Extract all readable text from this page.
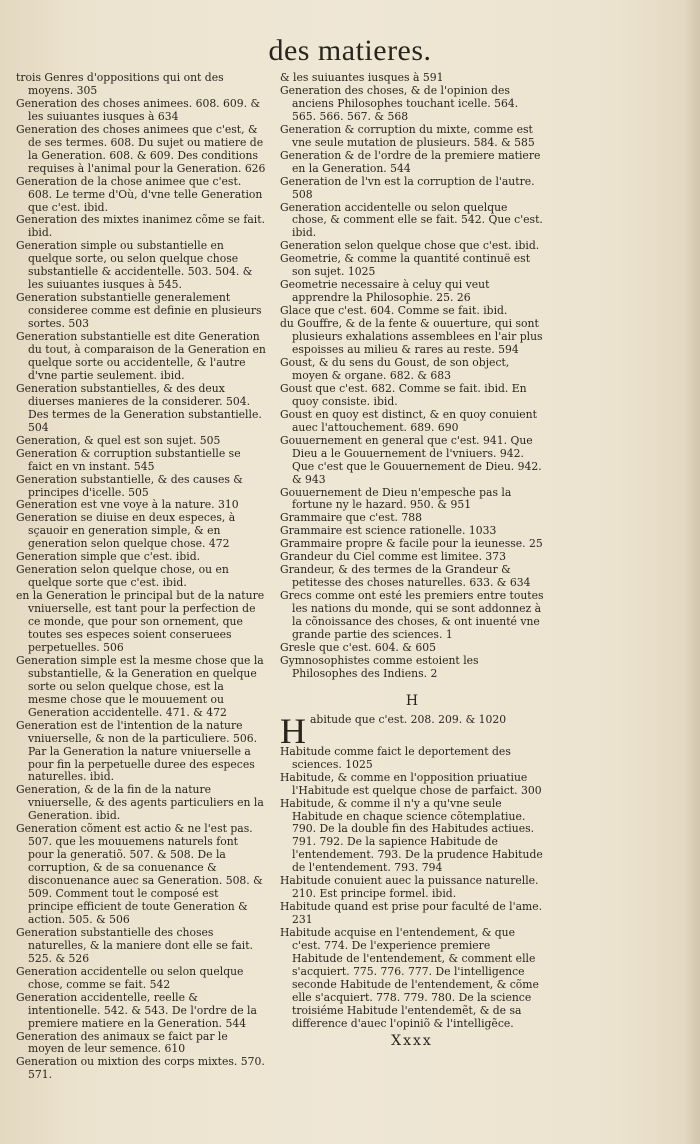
des matieres.

trois Genres d'oppositions qui ont des moyens. 305

Generation des choses animees. 608. 609. & les suiuantes iusques à 634

Generation des choses animees que c'est, & de ses termes. 608. Du sujet ou matiere de la Generation. 608. & 609. Des conditions requises à l'animal pour la Generation. 626

Generation de la chose animee que c'est. 608. Le terme d'Où, d'vne telle Generation que c'est. ibid.

Generation des mixtes inanimez cõme se fait. ibid.

Generation simple ou substantielle en quelque sorte, ou selon quelque chose substantielle & accidentelle. 503. 504. & les suiuantes iusques à 545.

Generation substantielle generalement consideree comme est definie en plusieurs sortes. 503

Generation substantielle est dite Generation du tout, à comparaison de la Generation en quelque sorte ou accidentelle, & l'autre d'vne partie seulement. ibid.

Generation substantielles, & des deux diuerses manieres de la considerer. 504. Des termes de la Generation substantielle. 504

Generation, & quel est son sujet. 505

Generation & corruption substantielle se faict en vn instant. 545

Generation substantielle, & des causes & principes d'icelle. 505

Generation est vne voye à la nature. 310

Generation se diuise en deux especes, à sçauoir en generation simple, & en generation selon quelque chose. 472

Generation simple que c'est. ibid.

Generation selon quelque chose, ou en quelque sorte que c'est. ibid.

en la Generation le principal but de la nature vniuerselle, est tant pour la perfection de ce monde, que pour son ornement, que toutes ses especes soient conseruees perpetuelles. 506

Generation simple est la mesme chose que la substantielle, & la Generation en quelque sorte ou selon quelque chose, est la mesme chose que le mouuement ou Generation accidentelle. 471. & 472

Generation est de l'intention de la nature vniuerselle, & non de la particuliere. 506. Par la Generation la nature vniuerselle a pour fin la perpetuelle duree des especes naturelles. ibid.

Generation, & de la fin de la nature vniuerselle, & des agents particuliers en la Generation. ibid.

Generation cõment est actio & ne l'est pas. 507. que les mouuemens naturels font pour la generatiõ. 507. & 508. De la corruption, & de sa conuenance & disconuenance auec sa Generation. 508. & 509. Comment tout le composé est principe efficient de toute Generation & action. 505. & 506

Generation substantielle des choses naturelles, & la maniere dont elle se fait. 525. & 526

Generation accidentelle ou selon quelque chose, comme se fait. 542

Generation accidentelle, reelle & intentionelle. 542. & 543. De l'ordre de la premiere matiere en la Generation. 544

Generation des animaux se faict par le moyen de leur semence. 610

Generation ou mixtion des corps mixtes. 570. 571.

& les suiuantes iusques à 591

Generation des choses, & de l'opinion des anciens Philosophes touchant icelle. 564. 565. 566. 567. & 568

Generation & corruption du mixte, comme est vne seule mutation de plusieurs. 584. & 585

Generation & de l'ordre de la premiere matiere en la Generation. 544

Generation de l'vn est la corruption de l'autre. 508

Generation accidentelle ou selon quelque chose, & comment elle se fait. 542. Que c'est. ibid.

Generation selon quelque chose que c'est. ibid.

Geometrie, & comme la quantité continuë est son sujet. 1025

Geometrie necessaire à celuy qui veut apprendre la Philosophie. 25. 26

Glace que c'est. 604. Comme se fait. ibid.

du Gouffre, & de la fente & ouuerture, qui sont plusieurs exhalations assemblees en l'air plus espoisses au milieu & rares au reste. 594

Goust, & du sens du Goust, de son object, moyen & organe. 682. & 683

Goust que c'est. 682. Comme se fait. ibid. En quoy consiste. ibid.

Goust en quoy est distinct, & en quoy conuient auec l'attouchement. 689. 690

Gouuernement en general que c'est. 941. Que Dieu a le Gouuernement de l'vniuers. 942. Que c'est que le Gouuernement de Dieu. 942. & 943

Gouuernement de Dieu n'empesche pas la fortune ny le hazard. 950. & 951

Grammaire que c'est. 788

Grammaire est science rationelle. 1033

Grammaire propre & facile pour la ieunesse. 25

Grandeur du Ciel comme est limitee. 373

Grandeur, & des termes de la Grandeur & petitesse des choses naturelles. 633. & 634

Grecs comme ont esté les premiers entre toutes les nations du monde, qui se sont addonnez à la cõnoissance des choses, & ont inuenté vne grande partie des sciences. 1

Gresle que c'est. 604. & 605

Gymnosophistes comme estoient les Philosophes des Indiens. 2

H

Habitude que c'est. 208. 209. & 1020

Habitude comme faict le deportement des sciences. 1025

Habitude, & comme en l'opposition priuatiue l'Habitude est quelque chose de parfaict. 300

Habitude, & comme il n'y a qu'vne seule Habitude en chaque science cõtemplatiue. 790. De la double fin des Habitudes actiues. 791. 792. De la sapience Habitude de l'entendement. 793. De la prudence Habitude de l'entendement. 793. 794

Habitude conuient auec la puissance naturelle. 210. Est principe formel. ibid.

Habitude quand est prise pour faculté de l'ame. 231

Habitude acquise en l'entendement, & que c'est. 774. De l'experience premiere Habitude de l'entendement, & comment elle s'acquiert. 775. 776. 777. De l'intelligence seconde Habitude de l'entendement, & cõme elle s'acquiert. 778. 779. 780. De la science troisiéme Habitude l'entendemẽt, & de sa difference d'auec l'opiniõ & l'intelligẽce.

Xxxx
